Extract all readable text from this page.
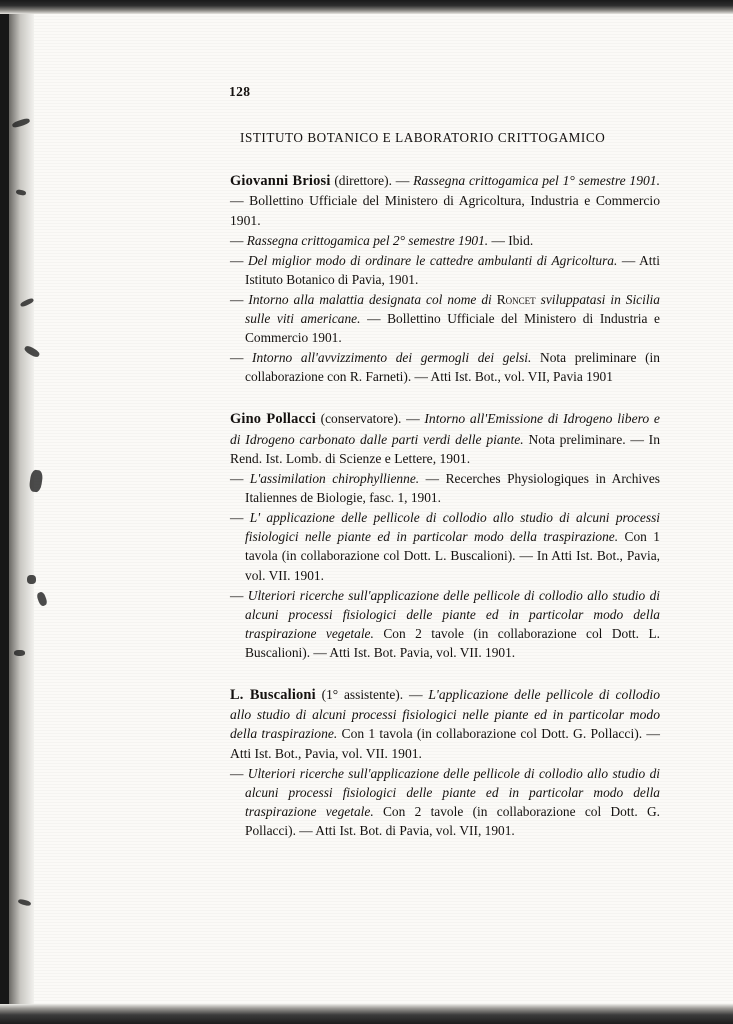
128
ISTITUTO BOTANICO E LABORATORIO CRITTOGAMICO
Giovanni Briosi (direttore). — Rassegna crittogamica pel 1° semestre 1901. — Bollettino Ufficiale del Ministero di Agricoltura, Industria e Commercio 1901.
— Rassegna crittogamica pel 2° semestre 1901. — Ibid.
— Del miglior modo di ordinare le cattedre ambulanti di Agricoltura. — Atti Istituto Botanico di Pavia, 1901.
— Intorno alla malattia designata col nome di Roncet sviluppatasi in Sicilia sulle viti americane. — Bollettino Ufficiale del Ministero di Industria e Commercio 1901.
— Intorno all'avvizzimento dei germogli dei gelsi. Nota preliminare (in collaborazione con R. Farneti). — Atti Ist. Bot., vol. VII, Pavia 1901
Gino Pollacci (conservatore). — Intorno all'Emissione di Idrogeno libero e di Idrogeno carbonato dalle parti verdi delle piante. Nota preliminare. — In Rend. Ist. Lomb. di Scienze e Lettere, 1901.
— L'assimilation chirophyllienne. — Recerches Physiologiques in Archives Italiennes de Biologie, fasc. 1, 1901.
— L' applicazione delle pellicole di collodio allo studio di alcuni processi fisiologici nelle piante ed in particolar modo della traspirazione. Con 1 tavola (in collaborazione col Dott. L. Buscalioni). — In Atti Ist. Bot., Pavia, vol. VII. 1901.
— Ulteriori ricerche sull'applicazione delle pellicole di collodio allo studio di alcuni processi fisiologici delle piante ed in particolar modo della traspirazione vegetale. Con 2 tavole (in collaborazione col Dott. L. Buscalioni). — Atti Ist. Bot. Pavia, vol. VII. 1901.
L. Buscalioni (1° assistente). — L'applicazione delle pellicole di collodio allo studio di alcuni processi fisiologici nelle piante ed in particolar modo della traspirazione. Con 1 tavola (in collaborazione col Dott. G. Pollacci). — Atti Ist. Bot., Pavia, vol. VII. 1901.
— Ulteriori ricerche sull'applicazione delle pellicole di collodio allo studio di alcuni processi fisiologici delle piante ed in particolar modo della traspirazione vegetale. Con 2 tavole (in collaborazione col Dott. G. Pollacci). — Atti Ist. Bot. di Pavia, vol. VII, 1901.
